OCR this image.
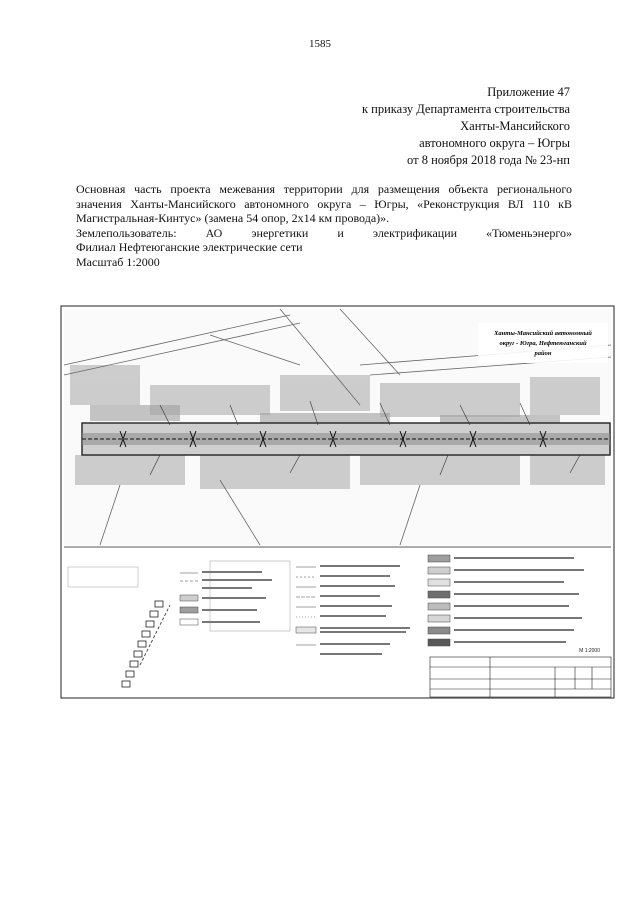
1585
Приложение 47
к приказу Департамента строительства
Ханты-Мансийского
автономного округа – Югры
от 8 ноября 2018 года № 23-нп
Основная часть проекта межевания территории для размещения объекта регионального
значения Ханты-Мансийского автономного округа – Югры, «Реконструкция ВЛ 110 кВ
Магистральная-Кинтус» (замена 54 опор, 2х14 км провода)».
Землепользователь: АО энергетики и электрификации «Тюменьэнерго»
Филиал Нефтеюганские электрические сети
Масштаб 1:2000
Ханты-Мансийский автономный
округ - Югра, Нефтеюганский
район
М 1:2000
